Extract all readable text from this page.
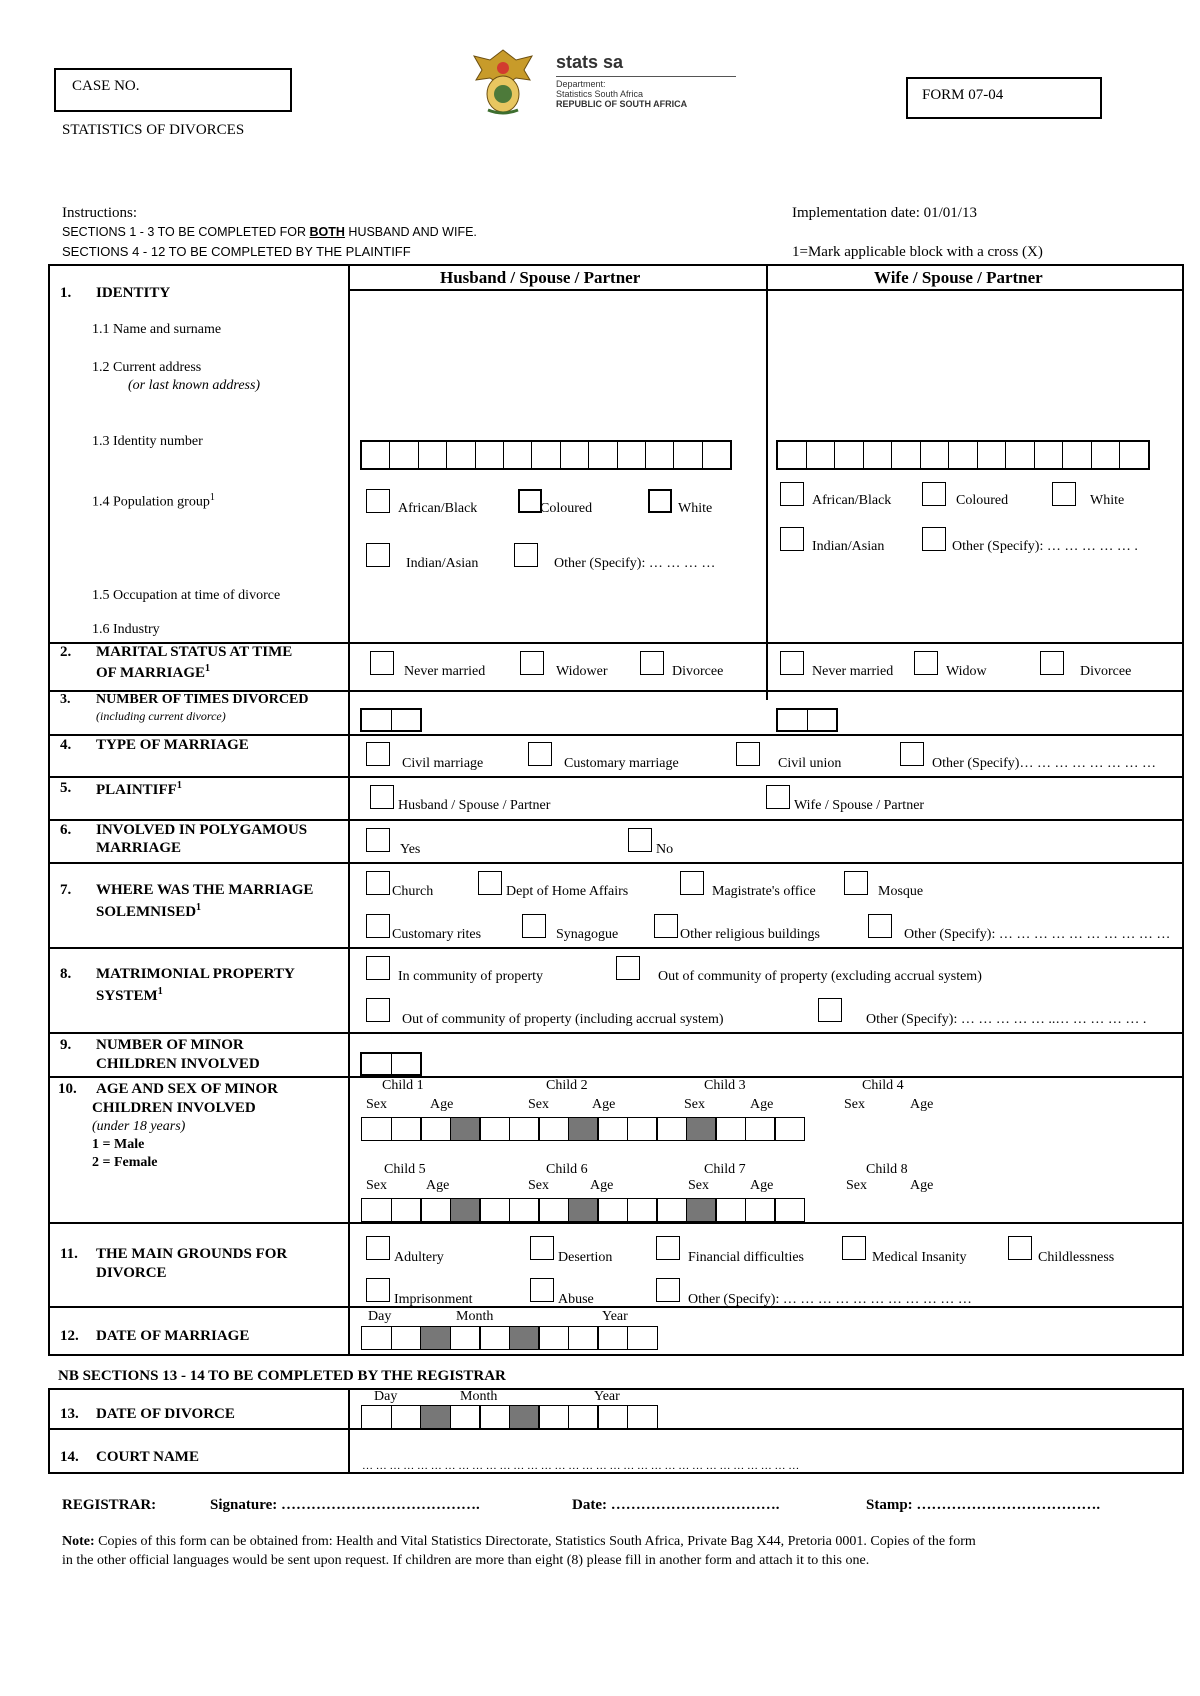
CASE NO.
STATISTICS OF DIVORCES
stats sa
Department:
Statistics South Africa
REPUBLIC OF SOUTH AFRICA
FORM 07-04
Instructions:
SECTIONS 1 - 3 TO BE COMPLETED FOR BOTH HUSBAND AND WIFE.
SECTIONS 4 - 12 TO BE COMPLETED BY THE PLAINTIFF
Implementation date: 01/01/13
1=Mark applicable block with a cross (X)
Husband / Spouse / Partner	Wife / Spouse / Partner
1. IDENTITY
1.1 Name and surname
1.2 Current address
(or last known address)
1.3 Identity number
1.4 Population group$^1$
1.5 Occupation at time of divorce
1.6 Industry
African/Black	Coloured	White
Indian/Asian	Other (Specify): … … … …
African/Black	Coloured	White
Indian/Asian	Other (Specify): … … … … … .
2. MARITAL STATUS AT TIME
OF MARRIAGE$^1$	Never married	Widower	Divorcee	Never married	Widow	Divorcee
3. NUMBER OF TIMES DIVORCED
(including current divorce)
4. TYPE OF MARRIAGE
Civil marriage	Customary marriage	Civil union	Other (Specify)… … … … … … … …
5. PLAINTIFF$^1$
Husband / Spouse / Partner	Wife / Spouse / Partner
6. INVOLVED IN POLYGAMOUS
MARRIAGE	Yes	No
7. WHERE WAS THE MARRIAGE
SOLEMNISED$^1$
Church	Dept of Home Affairs	Magistrate's office	Mosque
Customary rites	Synagogue	Other religious buildings	Other (Specify): … … … … … … … … … …
8. MATRIMONIAL PROPERTY
SYSTEM$^1$
In community of property	Out of community of property (excluding accrual system)
Out of community of property (including accrual system)	Other (Specify): … … … … … ..… … … … … .
9. NUMBER OF MINOR
CHILDREN INVOLVED
10. AGE AND SEX OF MINOR
CHILDREN INVOLVED
(under 18 years)
1 = Male
2 = Female
Child 1	Child 2	Child 3	Child 4
Sex	Age	Sex	Age	Sex	Age	Sex	Age
Child 5	Child 6	Child 7	Child 8
Sex	Age	Sex	Age	Sex	Age	Sex	Age
11. THE MAIN GROUNDS FOR
DIVORCE
Adultery	Desertion	Financial difficulties	Medical Insanity	Childlessness
Imprisonment	Abuse	Other (Specify): … … … … … … … … … … …
12. DATE OF MARRIAGE
Day	Month	Year
NB SECTIONS 13 - 14 TO BE COMPLETED BY THE REGISTRAR
13. DATE OF DIVORCE
Day	Month	Year
14. COURT NAME
… … … … … … … … … … … … … … … … … … … … … … … … … … … … … … … …
REGISTRAR:	Signature: ………………………………….	Date: …………………………….	Stamp: ……………………………….
Note: Copies of this form can be obtained from: Health and Vital Statistics Directorate, Statistics South Africa, Private Bag X44, Pretoria 0001. Copies of the form
in the other official languages would be sent upon request. If children are more than eight (8) please fill in another form and attach it to this one.
